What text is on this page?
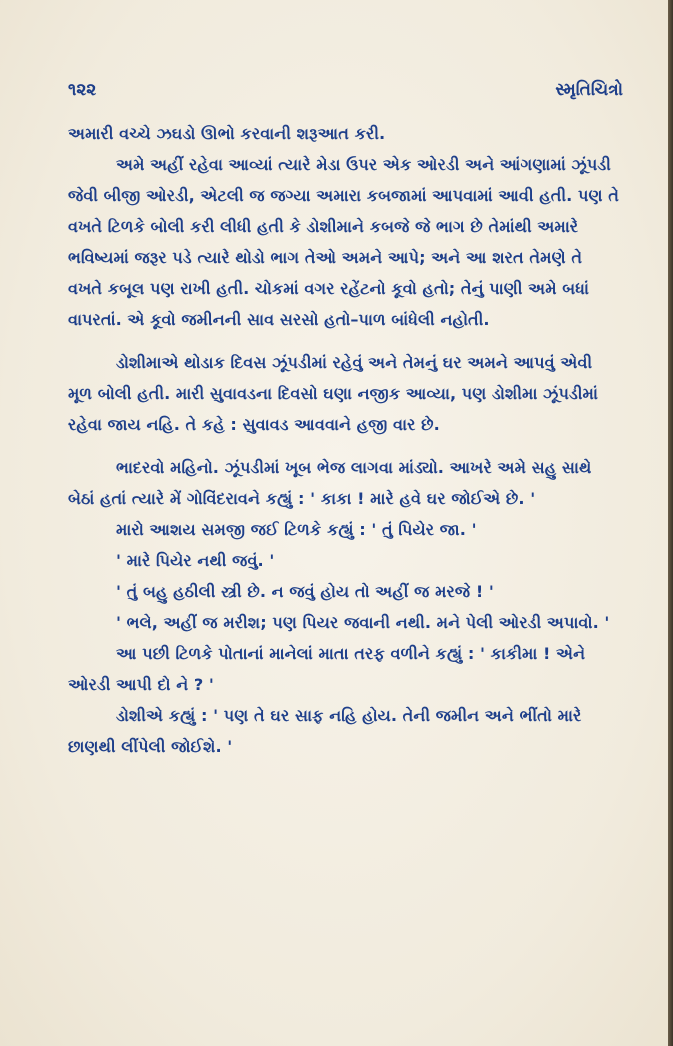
૧૨૨	સ્મૃતિચિત્રો

અમારી વચ્ચે ઝઘડો ઊભો કરવાની શરૂઆત કરી.

અમે અહીં રહેવા આવ્યાં ત્યારે મેડા ઉપર એક ઓરડી અને આંગણામાં ઝૂંપડી જેવી બીજી ઓરડી, એટલી જ જગ્યા અમારા કબજામાં આપવામાં આવી હતી. પણ તે વખતે ટિળકે બોલી કરી લીધી હતી કે ડોશીમાને કબજે જે ભાગ છે તેમાંથી અમારે ભવિષ્યમાં જરૂર પડે ત્યારે થોડો ભાગ તેઓ અમને આપે; અને આ શરત તેમણે તે વખતે કબૂલ પણ રાખી હતી. ચોકમાં વગર રહેંટનો કૂવો હતો; તેનું પાણી અમે બધાં વાપરતાં. એ કૂવો જમીનની સાવ સરસો હતો–પાળ બાંધેલી નહોતી.

ડોશીમાએ થોડાક દિવસ ઝૂંપડીમાં રહેવું અને તેમનું ઘર અમને આપવું એવી મૂળ બોલી હતી. મારી સુવાવડના દિવસો ઘણા નજીક આવ્યા, પણ ડોશીમા ઝૂંપડીમાં રહેવા જાય નહિ. તે કહે : સુવાવડ આવવાને હજી વાર છે.

ભાદરવો મહિનો. ઝૂંપડીમાં ખૂબ ભેજ લાગવા માંડ્યો. આખરે અમે સહુ સાથે બેઠાં હતાં ત્યારે મેં ગોવિંદરાવને કહ્યું : ' કાકા ! મારે હવે ઘર જોઈએ છે. '

મારો આશય સમજી જઈ ટિળકે કહ્યું : ' તું પિયેર જા. '

' મારે પિયેર નથી જવું. '

' તું બહુ હઠીલી સ્ત્રી છે. ન જવું હોય તો અહીં જ મરજે ! '

' ભલે, અહીં જ મરીશ; પણ પિયર જવાની નથી. મને પેલી ઓરડી અપાવો. '

આ પછી ટિળકે પોતાનાં માનેલાં માતા તરફ વળીને કહ્યું : ' કાકીમા ! એને ઓરડી આપી દો ને ? '

ડોશીએ કહ્યું : ' પણ તે ઘર સાફ નહિ હોય. તેની જમીન અને ભીંતો મારે છાણથી લીંપેલી જોઈશે. '
